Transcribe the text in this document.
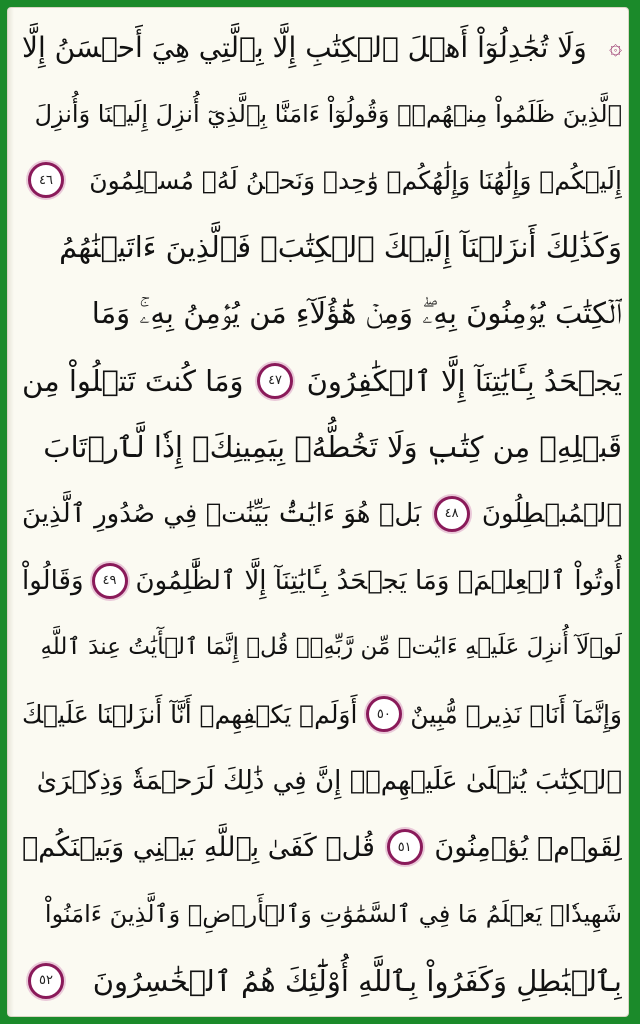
۞
وَلَا تُجَٰدِلُوٓاْ أَهۡلَ ٱلۡكِتَٰبِ إِلَّا بِٱلَّتِي هِيَ أَحۡسَنُ إِلَّا
ٱلَّذِينَ ظَلَمُواْ مِنۡهُمۡۖ وَقُولُوٓاْ ءَامَنَّا بِٱلَّذِيٓ أُنزِلَ إِلَيۡنَا وَأُنزِلَ
إِلَيۡكُمۡ وَإِلَٰهُنَا وَإِلَٰهُكُمۡ وَٰحِدٞ وَنَحۡنُ لَهُۥ مُسۡلِمُونَ
٤٦
وَكَذَٰلِكَ أَنزَلۡنَآ إِلَيۡكَ ٱلۡكِتَٰبَۚ فَٱلَّذِينَ ءَاتَيۡنَٰهُمُ
ٱلۡكِتَٰبَ يُؤۡمِنُونَ بِهِۦۖ وَمِنۡ هَٰٓؤُلَآءِ مَن يُؤۡمِنُ بِهِۦۚ وَمَا
يَجۡحَدُ بِـَٔايَٰتِنَآ إِلَّا ٱلۡكَٰفِرُونَ
٤٧
وَمَا كُنتَ تَتۡلُواْ مِن
قَبۡلِهِۦ مِن كِتَٰبٖ وَلَا تَخُطُّهُۥ بِيَمِينِكَۖ إِذٗا لَّٱرۡتَابَ
ٱلۡمُبۡطِلُونَ
٤٨
بَلۡ هُوَ ءَايَٰتُۢ بَيِّنَٰتٞ فِي صُدُورِ ٱلَّذِينَ
أُوتُواْ ٱلۡعِلۡمَۚ وَمَا يَجۡحَدُ بِـَٔايَٰتِنَآ إِلَّا ٱلظَّٰلِمُونَ
٤٩
وَقَالُواْ
لَوۡلَآ أُنزِلَ عَلَيۡهِ ءَايَٰتٞ مِّن رَّبِّهِۦۖ قُلۡ إِنَّمَا ٱلۡأٓيَٰتُ عِندَ ٱللَّهِ
وَإِنَّمَآ أَنَا۠ نَذِيرٞ مُّبِينٌ
٥٠
أَوَلَمۡ يَكۡفِهِمۡ أَنَّآ أَنزَلۡنَا عَلَيۡكَ
ٱلۡكِتَٰبَ يُتۡلَىٰ عَلَيۡهِمۡۚ إِنَّ فِي ذَٰلِكَ لَرَحۡمَةٗ وَذِكۡرَىٰ
لِقَوۡمٖ يُؤۡمِنُونَ
٥١
قُلۡ كَفَىٰ بِٱللَّهِ بَيۡنِي وَبَيۡنَكُمۡ
شَهِيدٗاۖ يَعۡلَمُ مَا فِي ٱلسَّمَٰوَٰتِ وَٱلۡأَرۡضِۗ وَٱلَّذِينَ ءَامَنُواْ
بِٱلۡبَٰطِلِ وَكَفَرُواْ بِٱللَّهِ أُوْلَٰٓئِكَ هُمُ ٱلۡخَٰسِرُونَ
٥٢
